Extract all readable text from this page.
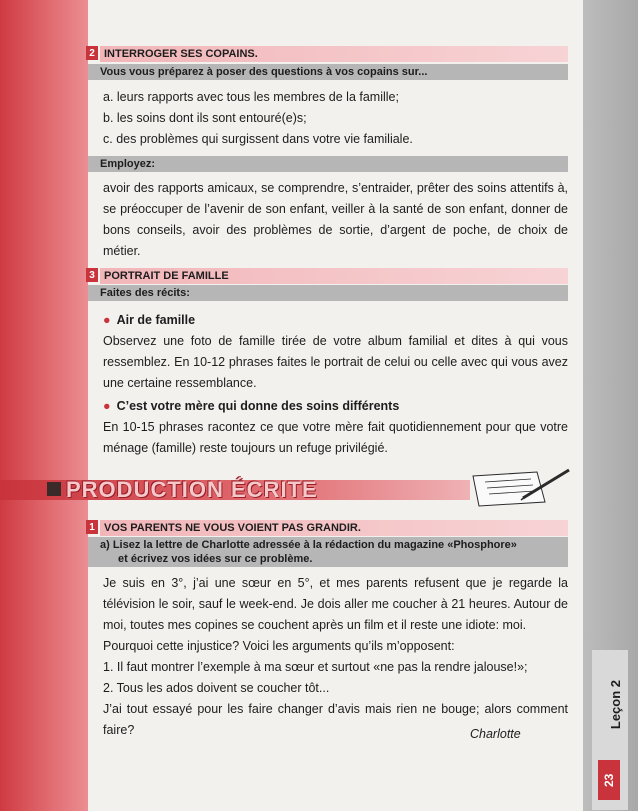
2 INTERROGER SES COPAINS.
Vous vous préparez à poser des questions à vos copains sur...
a. leurs rapports avec tous les membres de la famille;
b. les soins dont ils sont entouré(e)s;
c. des problèmes qui surgissent dans votre vie familiale.
Employez:
avoir des rapports amicaux, se comprendre, s’entraider, prêter des soins attentifs à, se préoccuper de l’avenir de son enfant, veiller à la santé de son enfant, donner de bons conseils, avoir des problèmes de sortie, d’argent de poche, de choix de métier.
3 PORTRAIT DE FAMILLE
Faites des récits:
● Air de famille
Observez une foto de famille tirée de votre album familial et dites à qui vous ressemblez. En 10-12 phrases faites le portrait de celui ou celle avec qui vous avez une certaine ressemblance.
● C’est votre mère qui donne des soins différents
En 10-15 phrases racontez ce que votre mère fait quotidiennement pour que votre ménage (famille) reste toujours un refuge privilégié.
PRODUCTION ÉCRITE
1 VOS PARENTS NE VOUS VOIENT PAS GRANDIR.
a) Lisez la lettre de Charlotte adressée à la rédaction du magazine «Phosphore»
et écrivez vos idées sur ce problème.
Je suis en 3°, j’ai une sœur en 5°, et mes parents refusent que je regarde la télévision le soir, sauf le week-end. Je dois aller me coucher à 21 heures. Autour de moi, toutes mes copines se couchent après un film et il reste une idiote: moi.
Pourquoi cette injustice? Voici les arguments qu’ils m’opposent:
1. Il faut montrer l’exemple à ma sœur et surtout «ne pas la rendre jalouse!»;
2. Tous les ados doivent se coucher tôt...
J’ai tout essayé pour les faire changer d’avis mais rien ne bouge; alors comment faire?	Charlotte
Leçon 2
23
